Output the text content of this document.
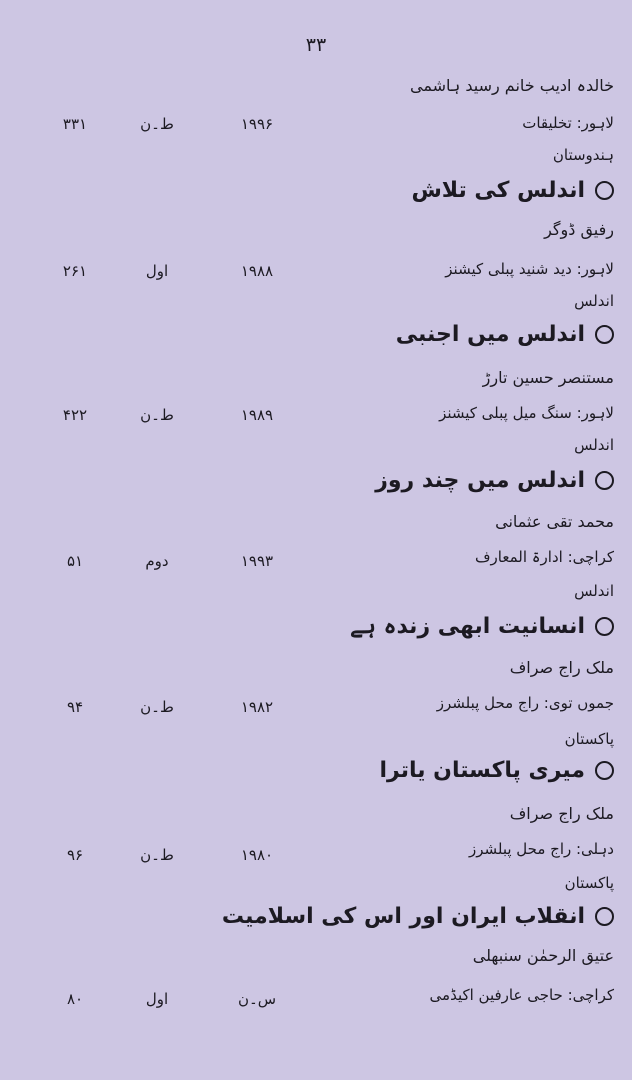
۳۳
خالدہ ادیب خانم رسید ہاشمی
لاہور: تخلیقات
۱۹۹۶
ط۔ن
۳۳۱
ہندوستان
اندلس کی تلاش
رفیق ڈوگر
لاہور: دید شنید پبلی کیشنز
۱۹۸۸
اول
۲۶۱
اندلس
اندلس میں اجنبی
مستنصر حسین تارڑ
لاہور: سنگ میل پبلی کیشنز
۱۹۸۹
ط۔ن
۴۲۲
اندلس
اندلس میں چند روز
محمد تقی عثمانی
کراچی: ادارۃ المعارف
۱۹۹۳
دوم
۵۱
اندلس
انسانیت ابھی زندہ ہے
ملک راج صراف
جموں توی: راج محل پبلشرز
۱۹۸۲
ط۔ن
۹۴
پاکستان
میری پاکستان یاترا
ملک راج صراف
دہلی: راج محل پبلشرز
۱۹۸۰
ط۔ن
۹۶
پاکستان
انقلاب ایران اور اس کی اسلامیت
عتیق الرحمٰن سنبھلی
کراچی: حاجی عارفین اکیڈمی
س۔ن
اول
۸۰
